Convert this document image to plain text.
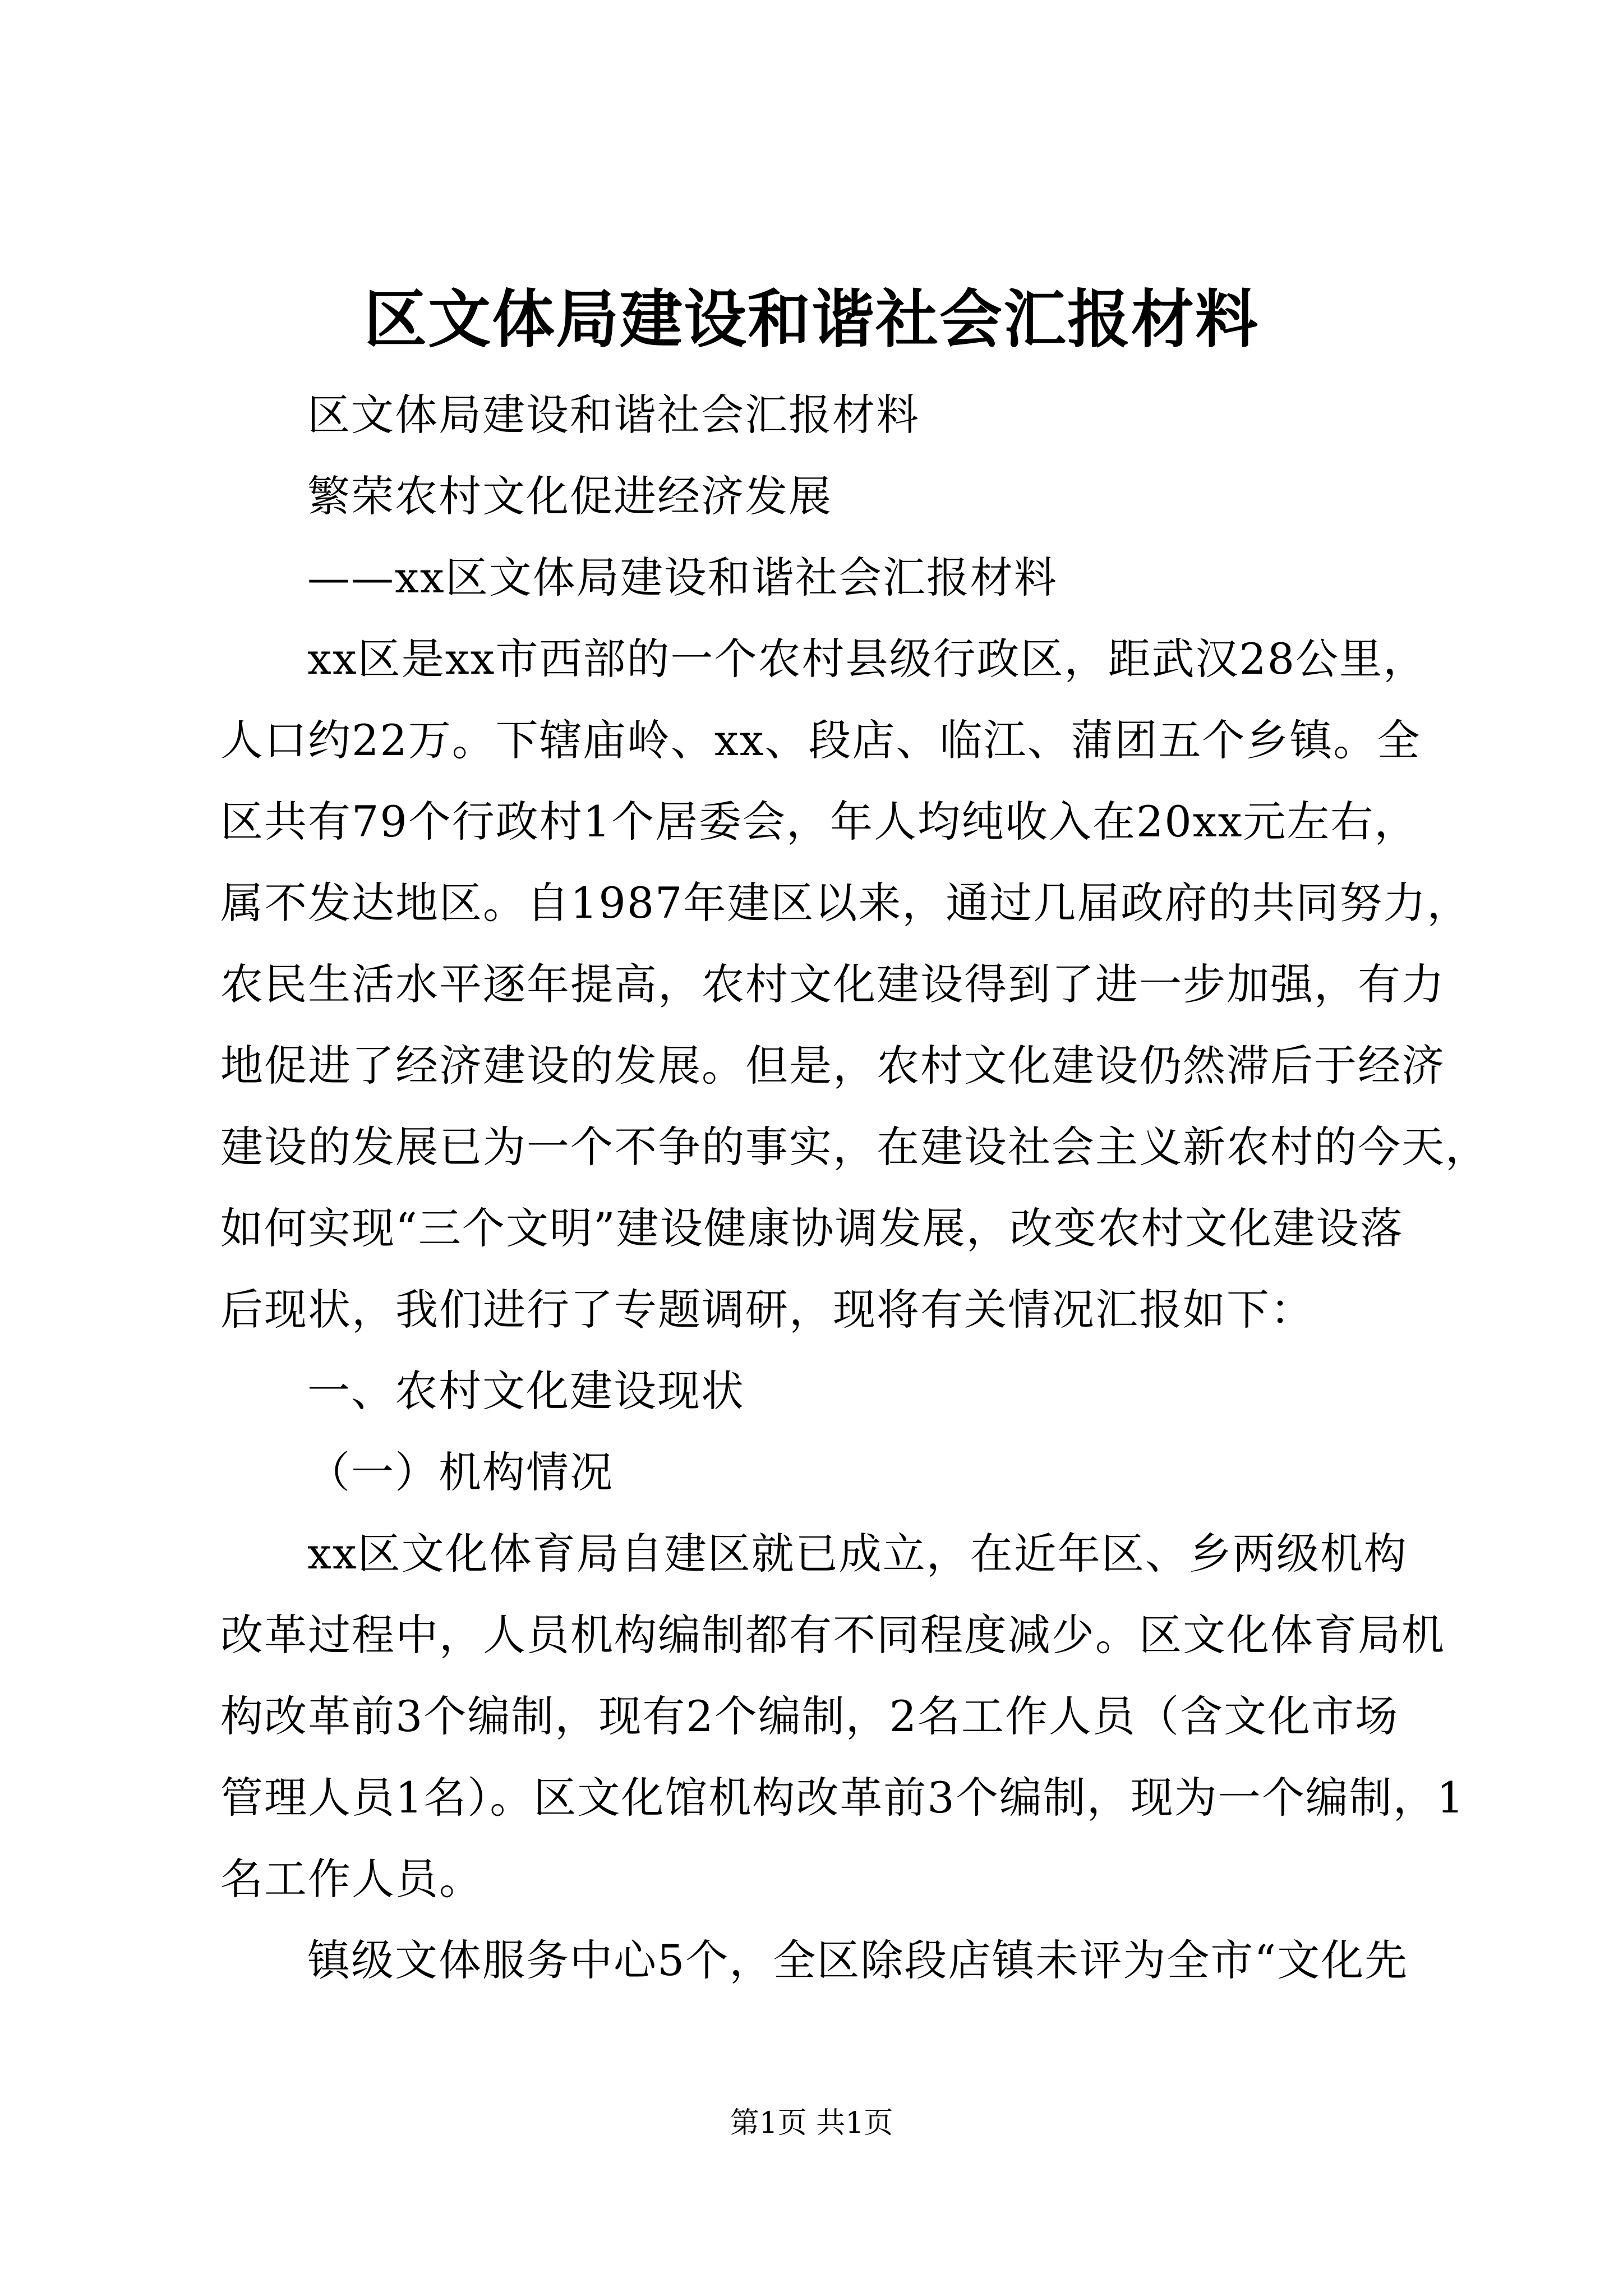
区文体局建设和谐社会汇报材料
区文体局建设和谐社会汇报材料
繁荣农村文化促进经济发展
——xx区文体局建设和谐社会汇报材料
xx区是xx市西部的一个农村县级行政区，距武汉28公里，
人口约22万。下辖庙岭、xx、段店、临江、蒲团五个乡镇。全
区共有79个行政村1个居委会，年人均纯收入在20xx元左右，
属不发达地区。自1987年建区以来，通过几届政府的共同努力，
农民生活水平逐年提高，农村文化建设得到了进一步加强，有力
地促进了经济建设的发展。但是，农村文化建设仍然滞后于经济
建设的发展已为一个不争的事实，在建设社会主义新农村的今天，
如何实现“三个文明”建设健康协调发展，改变农村文化建设落
后现状，我们进行了专题调研，现将有关情况汇报如下：
一、农村文化建设现状
（一）机构情况
xx区文化体育局自建区就已成立，在近年区、乡两级机构
改革过程中，人员机构编制都有不同程度减少。区文化体育局机
构改革前3个编制，现有2个编制，2名工作人员（含文化市场
管理人员1名）。区文化馆机构改革前3个编制，现为一个编制，1
名工作人员。
镇级文体服务中心5个，全区除段店镇未评为全市“文化先
第1页 共1页
